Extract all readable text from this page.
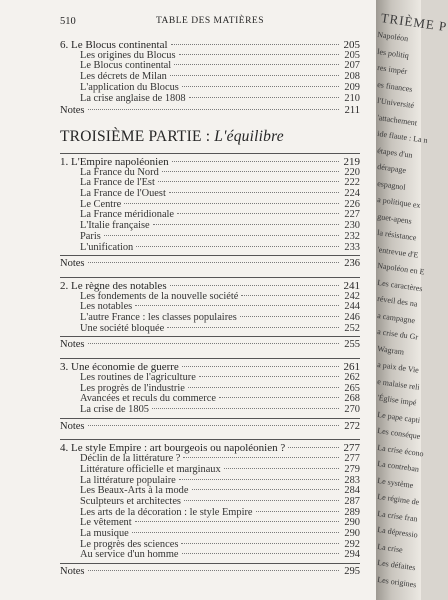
510	TABLE DES MATIÈRES
6. Le Blocus continental	205
Les origines du Blocus	205
Le Blocus continental	207
Les décrets de Milan	208
L'application du Blocus	209
La crise anglaise de 1808	210
Notes	211
TROISIÈME PARTIE : L'équilibre
1. L'Empire napoléonien	219
La France du Nord	220
La France de l'Est	222
La France de l'Ouest	224
Le Centre	226
La France méridionale	227
L'Italie française	230
Paris	232
L'unification	233
Notes	236
2. Le règne des notables	241
Les fondements de la nouvelle société	242
Les notables	244
L'autre France : les classes populaires	246
Une société bloquée	252
Notes	255
3. Une économie de guerre	261
Les routines de l'agriculture	262
Les progrès de l'industrie	265
Avancées et reculs du commerce	268
La crise de 1805	270
Notes	272
4. Le style Empire : art bourgeois ou napoléonien ?	277
Déclin de la littérature ?	277
Littérature officielle et marginaux	279
La littérature populaire	283
Les Beaux-Arts à la mode	284
Sculpteurs et architectes	287
Les arts de la décoration : le style Empire	289
Le vêtement	290
La musique	290
Le progrès des sciences	292
Au service d'un homme	294
Notes	295
TRIÈME P
Napoléon
les politiq
res impér
es finances
l'Université
'attachement
ide flaute : La n
étapes d'un
dérapage
espagnol
a politique ex
guet-apens
la résistance
'entrevue d'E
Napoléon en E
Les caractères
réveil des na
a campagne
a crise du Gr
Wagram
a paix de Vie
e malaise reli
'Église impé
Le pape capti
Les conséque
La crise écono
La contreban
Le système
Le régime de
La crise fran
La dépressio
La crise
Les défaites
Les origines
